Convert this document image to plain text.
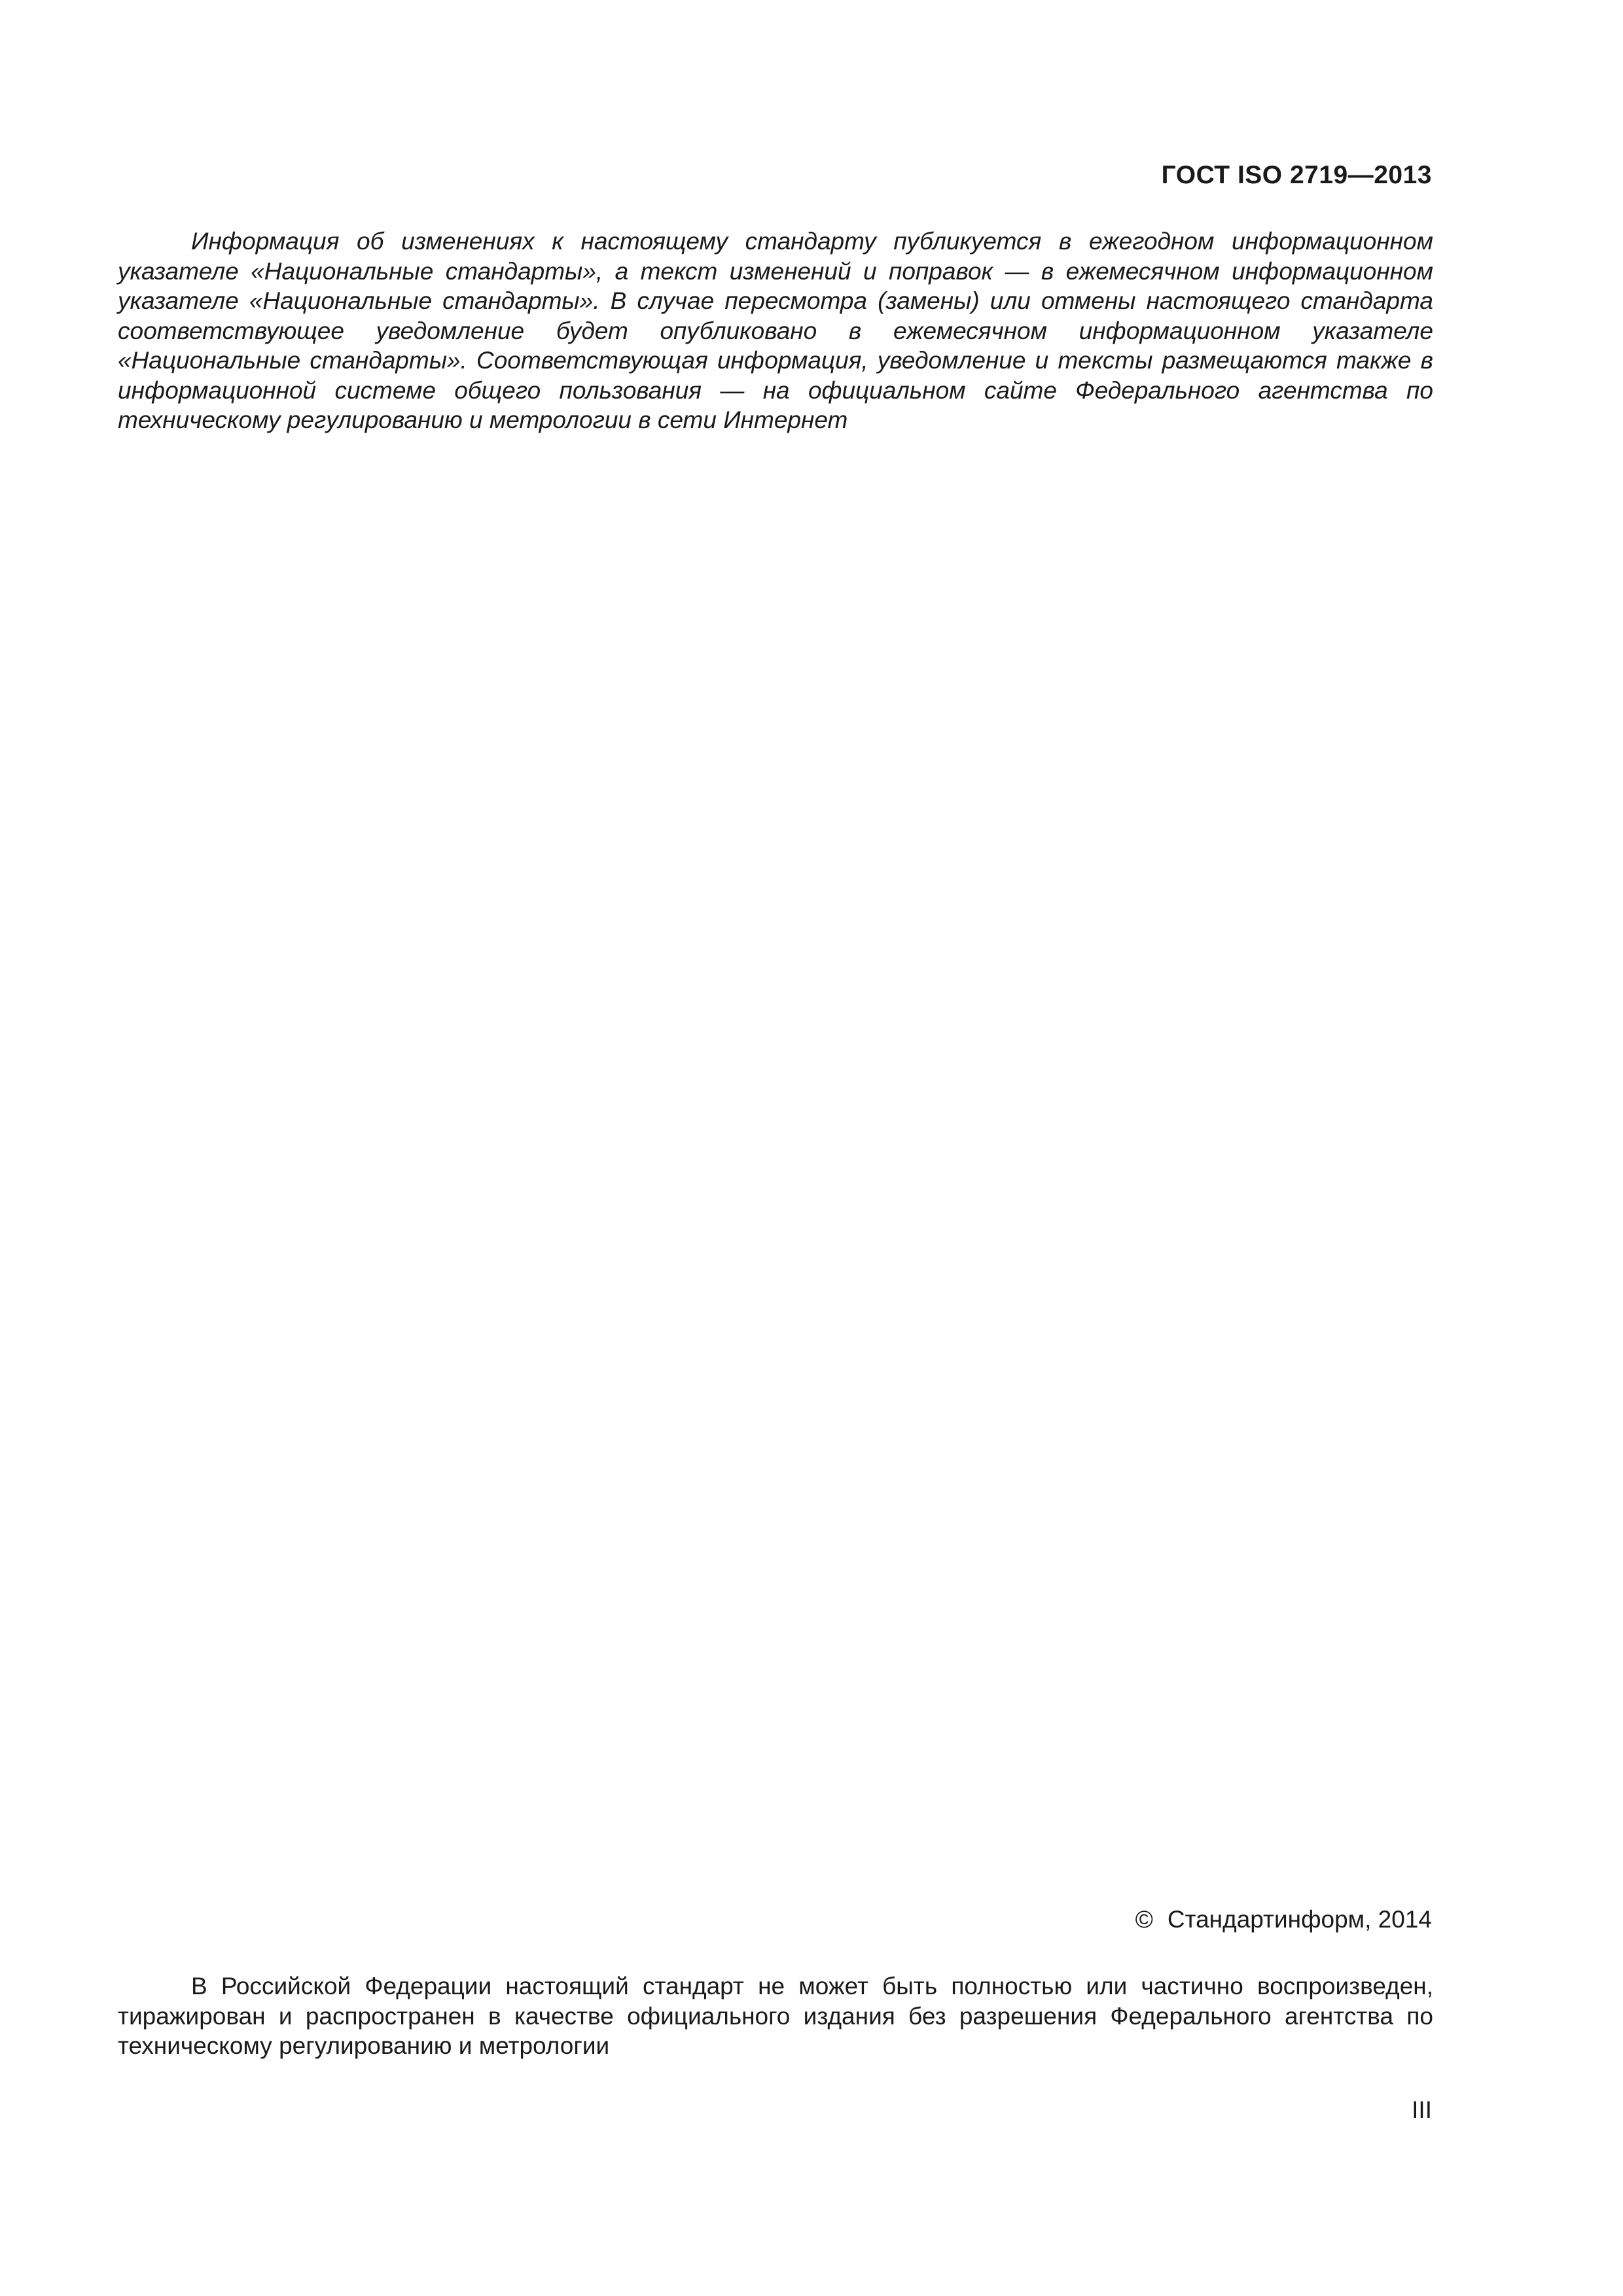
ГОСТ ISO 2719—2013

Информация об изменениях к настоящему стандарту публикуется в ежегодном информационном указателе «Национальные стандарты», а текст изменений и поправок — в ежемесячном информационном указателе «Национальные стандарты». В случае пересмотра (замены) или отмены настоящего стандарта соответствующее уведомление будет опубликовано в ежемесячном информационном указателе «Национальные стандарты». Соответствующая информация, уведомление и тексты размещаются также в информационной системе общего пользования — на официальном сайте Федерального агентства по техническому регулированию и метрологии в сети Интернет

© Стандартинформ, 2014

В Российской Федерации настоящий стандарт не может быть полностью или частично воспроизведен, тиражирован и распространен в качестве официального издания без разрешения Федерального агентства по техническому регулированию и метрологии

III
